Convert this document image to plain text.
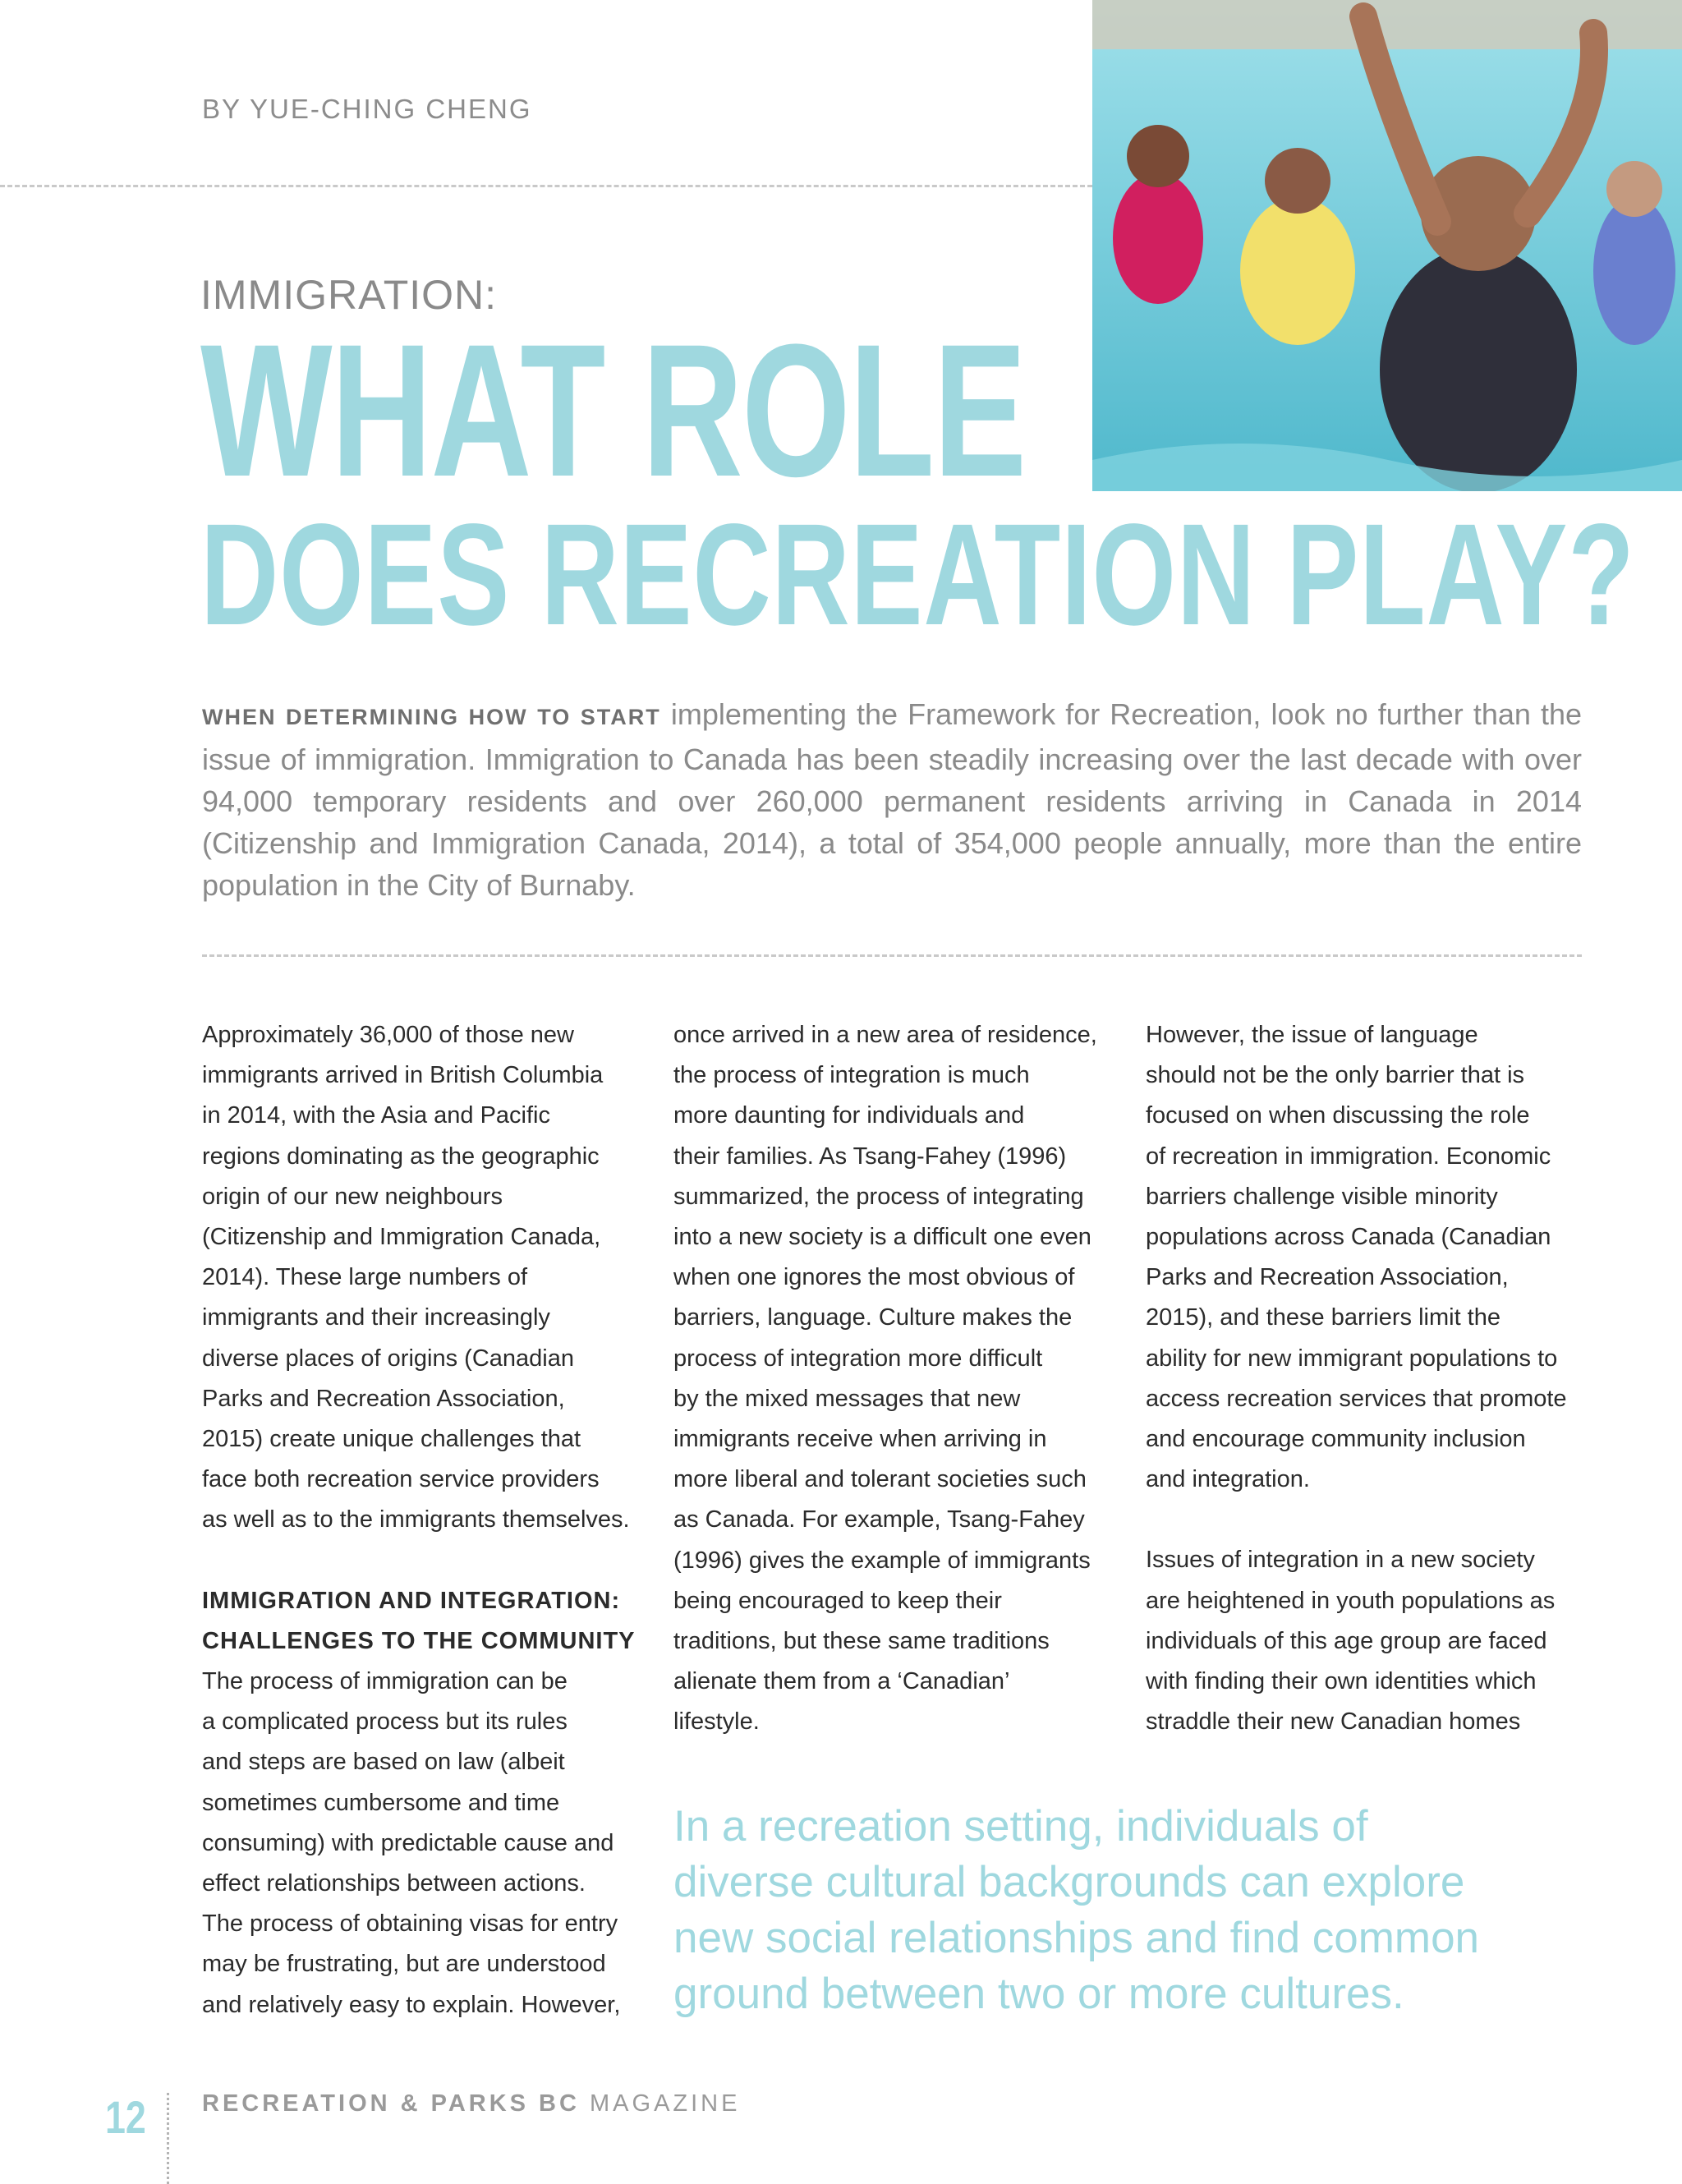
BY YUE-CHING CHENG
IMMIGRATION:
WHAT ROLE
DOES RECREATION PLAY?
WHEN DETERMINING HOW TO START implementing the Framework for Recreation, look no further than the issue of immigration. Immigration to Canada has been steadily increasing over the last decade with over 94,000 temporary residents and over 260,000 permanent residents arriving in Canada in 2014 (Citizenship and Immigration Canada, 2014), a total of 354,000 people annually, more than the entire population in the City of Burnaby.

Approximately 36,000 of those new

immigrants arrived in British Columbia

in 2014, with the Asia and Pacific

regions dominating as the geographic

origin of our new neighbours

(Citizenship and Immigration Canada,

2014). These large numbers of

immigrants and their increasingly

diverse places of origins (Canadian

Parks and Recreation Association,

2015) create unique challenges that

face both recreation service providers

as well as to the immigrants themselves.

IMMIGRATION AND INTEGRATION:

CHALLENGES TO THE COMMUNITY

The process of immigration can be

a complicated process but its rules

and steps are based on law (albeit

sometimes cumbersome and time

consuming) with predictable cause and

effect relationships between actions.

The process of obtaining visas for entry

may be frustrating, but are understood

and relatively easy to explain. However,

once arrived in a new area of residence,

the process of integration is much

more daunting for individuals and

their families. As Tsang-Fahey (1996)

summarized, the process of integrating

into a new society is a difficult one even

when one ignores the most obvious of

barriers, language. Culture makes the

process of integration more difficult

by the mixed messages that new

immigrants receive when arriving in

more liberal and tolerant societies such

as Canada. For example, Tsang-Fahey

(1996) gives the example of immigrants

being encouraged to keep their

traditions, but these same traditions

alienate them from a ‘Canadian’

lifestyle.

However, the issue of language

should not be the only barrier that is

focused on when discussing the role

of recreation in immigration. Economic

barriers challenge visible minority

populations across Canada (Canadian

Parks and Recreation Association,

2015), and these barriers limit the

ability for new immigrant populations to

access recreation services that promote

and encourage community inclusion

and integration.

Issues of integration in a new society

are heightened in youth populations as

individuals of this age group are faced

with finding their own identities which

straddle their new Canadian homes

In a recreation setting, individuals of

diverse cultural backgrounds can explore

new social relationships and find common

ground between two or more cultures.

12 RECREATION & PARKS BC MAGAZINE
